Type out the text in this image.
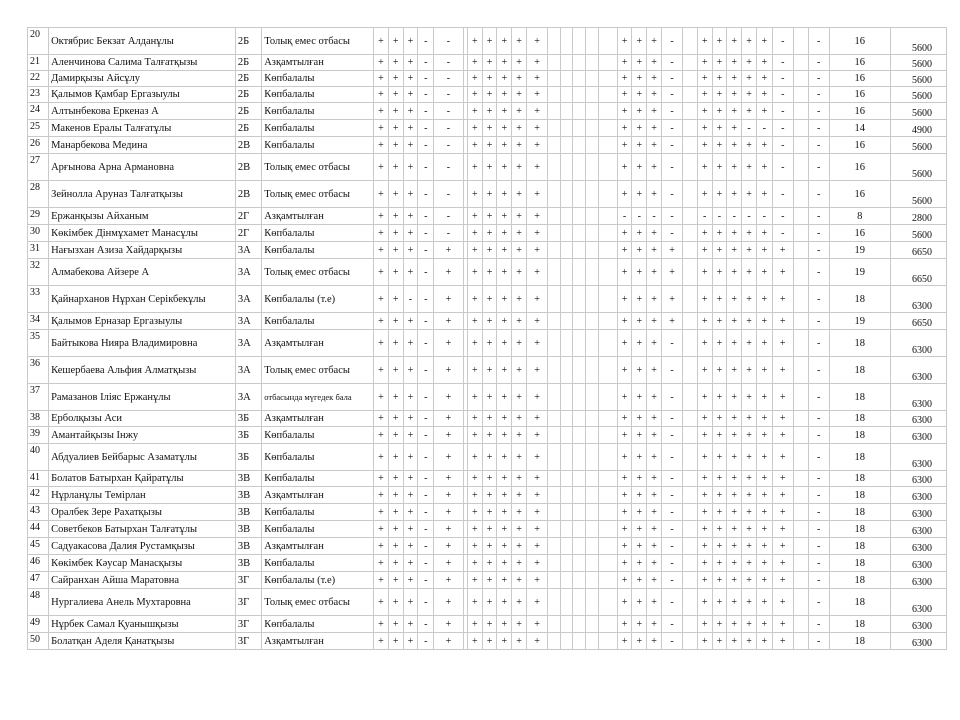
20	Октябрис Бекзат Алданұлы	2Б	Толық емес отбасы				+	+	+	-	-		+	+	+	+	+						+	+	+	-		+	+	+	+	+	-		-	16	5600
21	Аленчинова Салима Талғатқызы	2Б	Азқамтылған				+	+	+	-	-		+	+	+	+	+						+	+	+	-		+	+	+	+	+	-		-	16	5600
22	Дамирқызы Айсұлу	2Б	Көпбалалы				+	+	+	-	-		+	+	+	+	+						+	+	+	-		+	+	+	+	+	-		-	16	5600
23	Қалымов Қамбар Ергазыулы	2Б	Көпбалалы				+	+	+	-	-		+	+	+	+	+						+	+	+	-		+	+	+	+	+	-		-	16	5600
24	Алтынбекова Еркеназ А	2Б	Көпбалалы				+	+	+	-	-		+	+	+	+	+						+	+	+	-		+	+	+	+	+	-		-	16	5600
25	Макенов Ералы Талғатұлы	2Б	Көпбалалы				+	+	+	-	-		+	+	+	+	+						+	+	+	-		+	+	+	-	-	-		-	14	4900
26	Манарбекова Медина	2В	Көпбалалы				+	+	+	-	-		+	+	+	+	+						+	+	+	-		+	+	+	+	+	-		-	16	5600
27	Арғынова Арна Армановна	2В	Толық емес отбасы				+	+	+	-	-		+	+	+	+	+						+	+	+	-		+	+	+	+	+	-		-	16	5600
28	Зейнолла Аруназ Талғатқызы	2В	Толық емес отбасы				+	+	+	-	-		+	+	+	+	+						+	+	+	-		+	+	+	+	+	-		-	16	5600
29	Ержанқызы Айханым	2Г	Азқамтылған				+	+	+	-	-		+	+	+	+	+						-	-	-	-		-	-	-	-	-	-		-	8	2800
30	Көкімбек Дінмұхамет Манасұлы	2Г	Көпбалалы				+	+	+	-	-		+	+	+	+	+						+	+	+	-		+	+	+	+	+	-		-	16	5600
31	Нағызхан Азиза Хайдарқызы	3А	Көпбалалы				+	+	+	-	+		+	+	+	+	+						+	+	+	+		+	+	+	+	+	+		-	19	6650
32	Алмабекова Айзере А	3А	Толық емес отбасы				+	+	+	-	+		+	+	+	+	+						+	+	+	+		+	+	+	+	+	+		-	19	6650
33	Қайнарханов Нұрхан Серікбекұлы	3А	Көпбалалы (т.е)				+	+	-	-	+		+	+	+	+	+						+	+	+	+		+	+	+	+	+	+		-	18	6300
34	Қалымов Ерназар Ергазыулы	3А	Көпбалалы				+	+	+	-	+		+	+	+	+	+						+	+	+	+		+	+	+	+	+	+		-	19	6650
35	Байтыкова Нияра Владимировна	3А	Азқамтылған				+	+	+	-	+		+	+	+	+	+						+	+	+	-		+	+	+	+	+	+		-	18	6300
36	Кешербаева Альфия Алматқызы	3А	Толық емес отбасы				+	+	+	-	+		+	+	+	+	+						+	+	+	-		+	+	+	+	+	+		-	18	6300
37	Рамазанов Іліяс Ержанұлы	3А	отбасында мүгедек бала				+	+	+	-	+		+	+	+	+	+						+	+	+	-		+	+	+	+	+	+		-	18	6300
38	Ерболқызы Аси	3Б	Азқамтылған				+	+	+	-	+		+	+	+	+	+						+	+	+	-		+	+	+	+	+	+		-	18	6300
39	Амантайқызы Інжу	3Б	Көпбалалы				+	+	+	-	+		+	+	+	+	+						+	+	+	-		+	+	+	+	+	+		-	18	6300
40	Абдуалиев Бейбарыс Азаматұлы	3Б	Көпбалалы				+	+	+	-	+		+	+	+	+	+						+	+	+	-		+	+	+	+	+	+		-	18	6300
41	Болатов Батырхан Қайратұлы	3В	Көпбалалы				+	+	+	-	+		+	+	+	+	+						+	+	+	-		+	+	+	+	+	+		-	18	6300
42	Нұрланұлы Темірлан	3В	Азқамтылған				+	+	+	-	+		+	+	+	+	+						+	+	+	-		+	+	+	+	+	+		-	18	6300
43	Оралбек Зере Рахатқызы	3В	Көпбалалы				+	+	+	-	+		+	+	+	+	+						+	+	+	-		+	+	+	+	+	+		-	18	6300
44	Советбеков Батырхан Талғатұлы	3В	Көпбалалы				+	+	+	-	+		+	+	+	+	+						+	+	+	-		+	+	+	+	+	+		-	18	6300
45	Садуакасова Далия Рустамқызы	3В	Азқамтылған				+	+	+	-	+		+	+	+	+	+						+	+	+	-		+	+	+	+	+	+		-	18	6300
46	Көкімбек Кәусар Манасқызы	3В	Көпбалалы				+	+	+	-	+		+	+	+	+	+						+	+	+	-		+	+	+	+	+	+		-	18	6300
47	Сайранхан Айша Маратовна	3Г	Көпбалалы (т.е)				+	+	+	-	+		+	+	+	+	+						+	+	+	-		+	+	+	+	+	+		-	18	6300
48	Нургалиева Анель Мухтаровна	3Г	Толық емес отбасы				+	+	+	-	+		+	+	+	+	+						+	+	+	-		+	+	+	+	+	+		-	18	6300
49	Нұрбек Самал Қуанышқызы	3Г	Көпбалалы				+	+	+	-	+		+	+	+	+	+						+	+	+	-		+	+	+	+	+	+		-	18	6300
50	Болатқан Аделя Қанатқызы	3Г	Азқамтылған				+	+	+	-	+		+	+	+	+	+						+	+	+	-		+	+	+	+	+	+		-	18	6300
